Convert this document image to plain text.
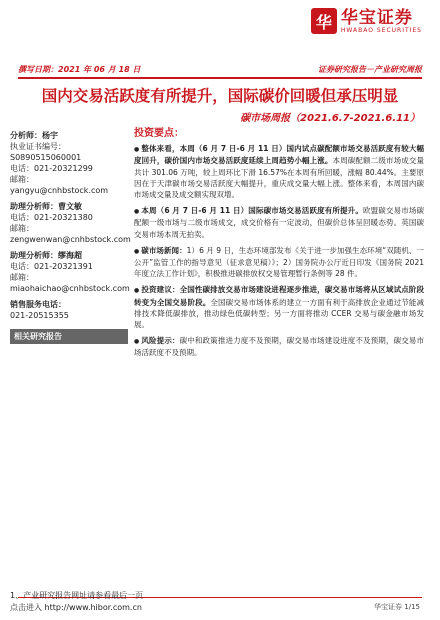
华 华宝证券
HWABAO SECURITIES
撰写日期：2021 年 06 月 18 日	证券研究报告－产业研究周报
国内交易活跃度有所提升，国际碳价回暖但承压明显
碳市场周报（2021.6.7-2021.6.11）
分析师：杨宇
执业证书编号：S0890515060001
电话：021-20321299
邮箱：yangyu@cnhbstock.com
助理分析师：曹文敏
电话：021-20321380
邮箱：zengwenwan@cnhbstock.com
助理分析师：缪海超
电话：021-20321391
邮箱：miaohaichao@cnhbstock.com
销售服务电话：
021-20515355
相关研究报告
投资要点：

● 整体来看，本周（6 月 7 日-6 月 11 日）国内试点碳配额市场交易活跃度有较大幅度回升，碳价国内市场交易活跃度延续上周趋势小幅上涨。本周碳配额二级市场成交量共计 301.06 万吨，较上周环比下滑 16.57%在本周有所回暖，涨幅 80.44%。主要原因在于天津碳市场交易活跃度大幅提升，重庆成交量大幅上涨。整体来看，本周国内碳市场成交量及成交额实现双增。

● 本周（6 月 7 日-6 月 11 日）国际碳市场交易活跃度有所提升。欧盟碳交易市场碳配额一级市场与二级市场成交，成交价格有一定波动，但碳价总体呈回暖态势。英国碳交易市场本周无拍卖。

● 碳市场新闻：1）6 月 9 日，生态环境部发布《关于进一步加强生态环境“双随机、一公开”监管工作的指导意见（征求意见稿）》；2）国务院办公厅近日印发《国务院 2021 年度立法工作计划》，积极推进碳排放权交易管理暂行条例等 28 件。

● 投资建议：全国性碳排放交易市场建设进程逐步推进，碳交易市场将从区域试点阶段转变为全国交易阶段。全国碳交易市场体系的建立一方面有利于高排放企业通过节能减排技术降低碳排放，推动绿色低碳转型；另一方面将推动 CCER 交易与碳金融市场发展。

● 风险提示：碳中和政策推进力度不及预期，碳交易市场建设进度不及预期，碳交易市场活跃度不及预期。

1、产业研究报告网址请参看最后一页
点击进入 http://www.hibor.com.cn	华宝证券 1/15
